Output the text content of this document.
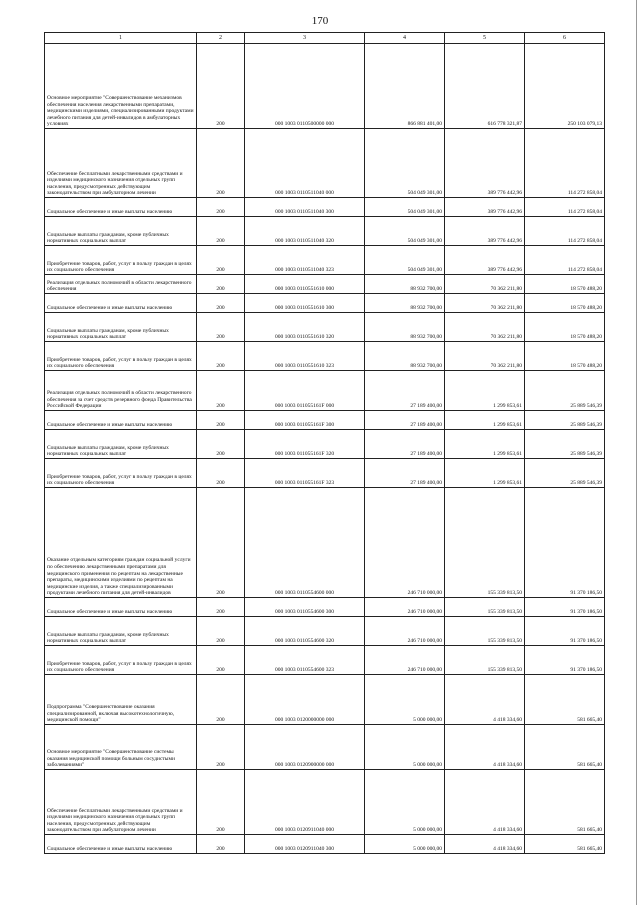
170
1	2	3	4	5	6
Основное мероприятие "Совершенствование механизмов обеспечения населения лекарственными препаратами, медицинскими изделиями, специализированными продуктами лечебного питания для детей-инвалидов в амбулаторных условиях	200	000 1003 0110500000 000	866 881 401,00	616 778 321,87	250 103 079,13
Обеспечение бесплатными лекарственными средствами и изделиями медицинского назначения отдельных групп населения, предусмотренных действующим законодательством при амбулаторном лечении	200	000 1003 0110511040 000	504 049 301,00	389 776 442,96	114 272 858,04
Социальное обеспечение и иные выплаты населению	200	000 1003 0110511040 300	504 049 301,00	389 776 442,96	114 272 858,04
Социальные выплаты гражданам, кроме публичных нормативных социальных выплат	200	000 1003 0110511040 320	504 049 301,00	389 776 442,96	114 272 858,04
Приобретение товаров, работ, услуг в пользу граждан в целях их социального обеспечения	200	000 1003 0110511040 323	504 049 301,00	389 776 442,96	114 272 858,04
Реализация отдельных полномочий в области лекарственного обеспечения	200	000 1003 0110551610 000	88 932 700,00	70 362 211,80	18 570 488,20
Социальное обеспечение и иные выплаты населению	200	000 1003 0110551610 300	88 932 700,00	70 362 211,80	18 570 488,20
Социальные выплаты гражданам, кроме публичных нормативных социальных выплат	200	000 1003 0110551610 320	88 932 700,00	70 362 211,80	18 570 488,20
Приобретение товаров, работ, услуг в пользу граждан в целях их социального обеспечения	200	000 1003 0110551610 323	88 932 700,00	70 362 211,80	18 570 488,20
Реализация отдельных полномочий в области лекарственного обеспечения за счет средств резервного фонда Правительства Российской Федерации	200	000 1003 011055161F 000	27 189 400,00	1 299 853,61	25 889 546,39
Социальное обеспечение и иные выплаты населению	200	000 1003 011055161F 300	27 189 400,00	1 299 853,61	25 889 546,39
Социальные выплаты гражданам, кроме публичных нормативных социальных выплат	200	000 1003 011055161F 320	27 189 400,00	1 299 853,61	25 889 546,39
Приобретение товаров, работ, услуг в пользу граждан в целях их социального обеспечения	200	000 1003 011055161F 323	27 189 400,00	1 299 853,61	25 889 546,39
Оказание отдельным категориям граждан социальной услуги по обеспечению лекарственными препаратами для медицинского применения по рецептам на лекарственные препараты, медицинскими изделиями по рецептам на медицинские изделия, а также специализированными продуктами лечебного питания для детей-инвалидов	200	000 1003 0110554600 000	246 710 000,00	155 339 813,50	91 370 186,50
Социальное обеспечение и иные выплаты населению	200	000 1003 0110554600 300	246 710 000,00	155 339 813,50	91 370 186,50
Социальные выплаты гражданам, кроме публичных нормативных социальных выплат	200	000 1003 0110554600 320	246 710 000,00	155 339 813,50	91 370 186,50
Приобретение товаров, работ, услуг в пользу граждан в целях их социального обеспечения	200	000 1003 0110554600 323	246 710 000,00	155 339 813,50	91 370 186,50
Подпрограмма "Совершенствование оказания специализированной, включая высокотехнологичную, медицинской помощи"	200	000 1003 0120000000 000	5 000 000,00	4 418 334,60	581 665,40
Основное мероприятие "Совершенствование системы оказания медицинской помощи больным сосудистыми заболеваниями"	200	000 1003 0120900000 000	5 000 000,00	4 418 334,60	581 665,40
Обеспечение бесплатными лекарственными средствами и изделиями медицинского назначения отдельных групп населения, предусмотренных действующим законодательством при амбулаторном лечении	200	000 1003 0120911040 000	5 000 000,00	4 418 334,60	581 665,40
Социальное обеспечение и иные выплаты населению	200	000 1003 0120911040 300	5 000 000,00	4 418 334,60	581 665,40
